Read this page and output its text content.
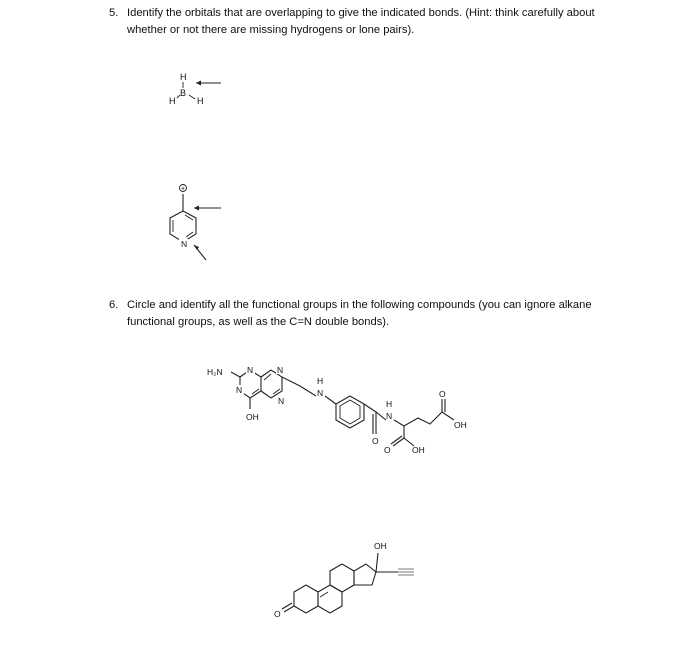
5. Identify the orbitals that are overlapping to give the indicated bonds. (Hint: think carefully about
whether or not there are missing hydrogens or lone pairs).
6. Circle and identify all the functional groups in the following compounds (you can ignore alkane
functional groups, as well as the C=N double bonds).
H
B
H H
+
N
H₂N	N
N
N
N
OH
H
N
O
H
N
O	OH
O
OH
O
OH
